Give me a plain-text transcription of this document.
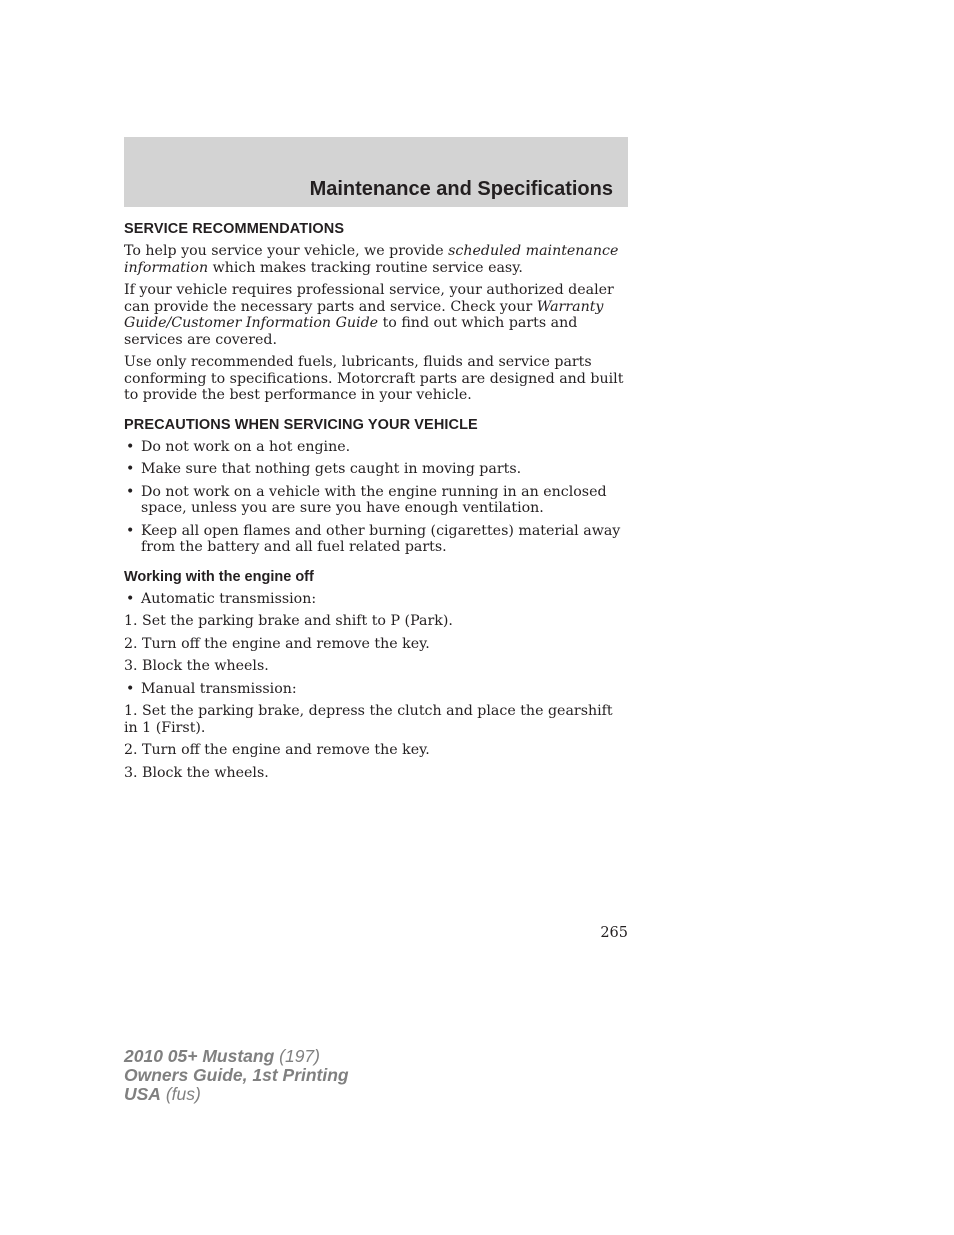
Maintenance and Specifications
SERVICE RECOMMENDATIONS

To help you service your vehicle, we provide scheduled maintenance information which makes tracking routine service easy.

If your vehicle requires professional service, your authorized dealer can provide the necessary parts and service. Check your Warranty Guide/Customer Information Guide to find out which parts and services are covered.

Use only recommended fuels, lubricants, fluids and service parts conforming to specifications. Motorcraft parts are designed and built to provide the best performance in your vehicle.

PRECAUTIONS WHEN SERVICING YOUR VEHICLE
• Do not work on a hot engine.
• Make sure that nothing gets caught in moving parts.
• Do not work on a vehicle with the engine running in an enclosed space, unless you are sure you have enough ventilation.
• Keep all open flames and other burning (cigarettes) material away from the battery and all fuel related parts.
Working with the engine off
• Automatic transmission:

1. Set the parking brake and shift to P (Park).

2. Turn off the engine and remove the key.

3. Block the wheels.

• Manual transmission:

1. Set the parking brake, depress the clutch and place the gearshift in 1 (First).

2. Turn off the engine and remove the key.

3. Block the wheels.

265
2010 05+ Mustang (197)
Owners Guide, 1st Printing
USA (fus)
